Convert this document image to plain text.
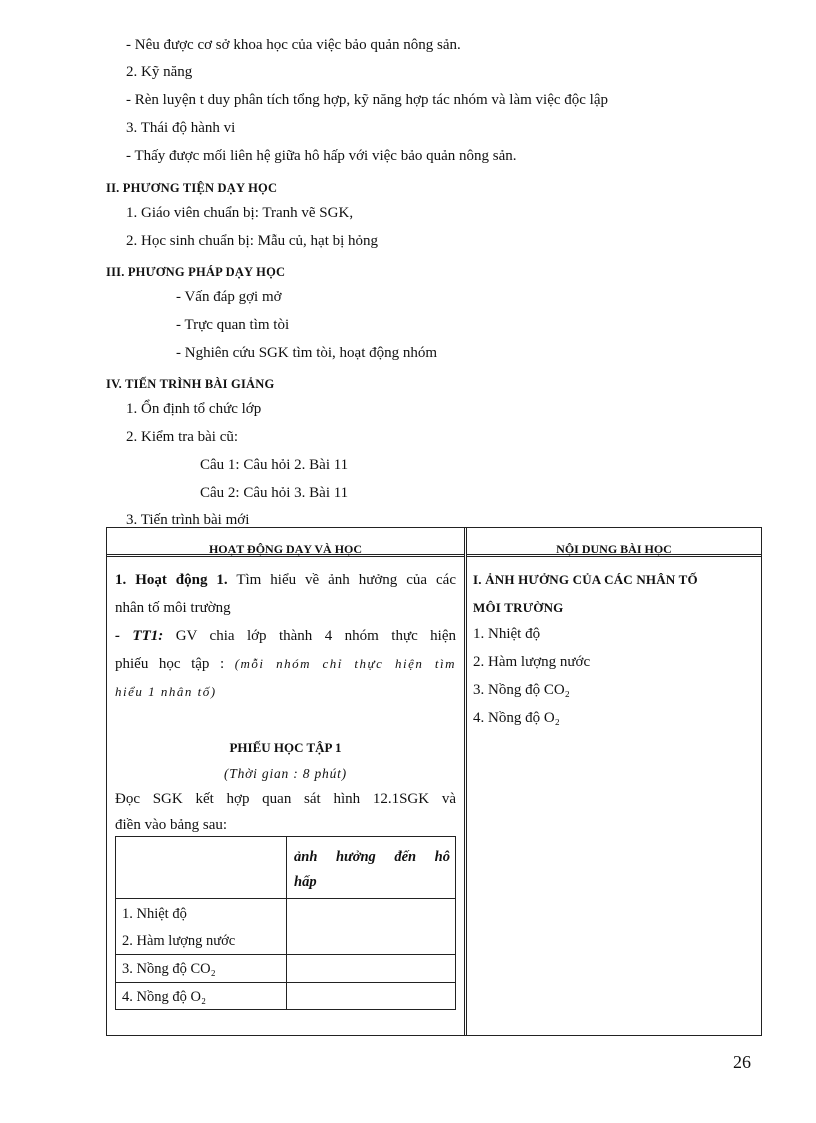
- Nêu được cơ sở khoa học của việc bảo quản nông sản.
2. Kỹ năng
- Rèn luyện t duy phân tích tổng hợp, kỹ năng hợp tác nhóm và làm việc độc lập
3. Thái độ hành vi
- Thấy được mối liên hệ giữa hô hấp với việc bảo quản nông sản.
II. PHƯƠNG TIỆN DẠY HỌC
1. Giáo viên chuẩn bị: Tranh vẽ SGK,
2. Học sinh chuẩn bị: Mẫu củ, hạt bị hỏng
III. PHƯƠNG PHÁP DẠY HỌC
- Vấn đáp gợi mở
- Trực quan tìm tòi
- Nghiên cứu SGK tìm tòi, hoạt động nhóm
IV. TIẾN TRÌNH BÀI GIẢNG
1. Ổn định tổ chức lớp
2. Kiểm tra bài cũ:
Câu 1: Câu hỏi 2. Bài 11
Câu 2: Câu hỏi 3. Bài 11
3. Tiến trình bài mới
HOẠT ĐỘNG DẠY VÀ HỌC	NỘI DUNG BÀI HỌC
1. Hoạt động 1. Tìm hiểu về ảnh hưởng của các
nhân tố môi trường
- TT1: GV chia lớp thành 4 nhóm thực hiện
phiếu học tập : (mỗi nhóm chỉ thực hiện tìm
hiểu 1 nhân tố)
PHIẾU HỌC TẬP 1
(Thời gian : 8 phút)
Đọc SGK kết hợp quan sát hình 12.1SGK và
điền vào bảng sau:
ảnh hưởng đến hô
hấp
1. Nhiệt độ
2. Hàm lượng nước
3. Nồng độ CO₂
4. Nồng độ O₂
I. ẢNH HƯỞNG CỦA CÁC NHÂN TỐ
MÔI TRƯỜNG
1. Nhiệt độ
2. Hàm lượng nước
3. Nồng độ CO₂
4. Nồng độ O₂
26
